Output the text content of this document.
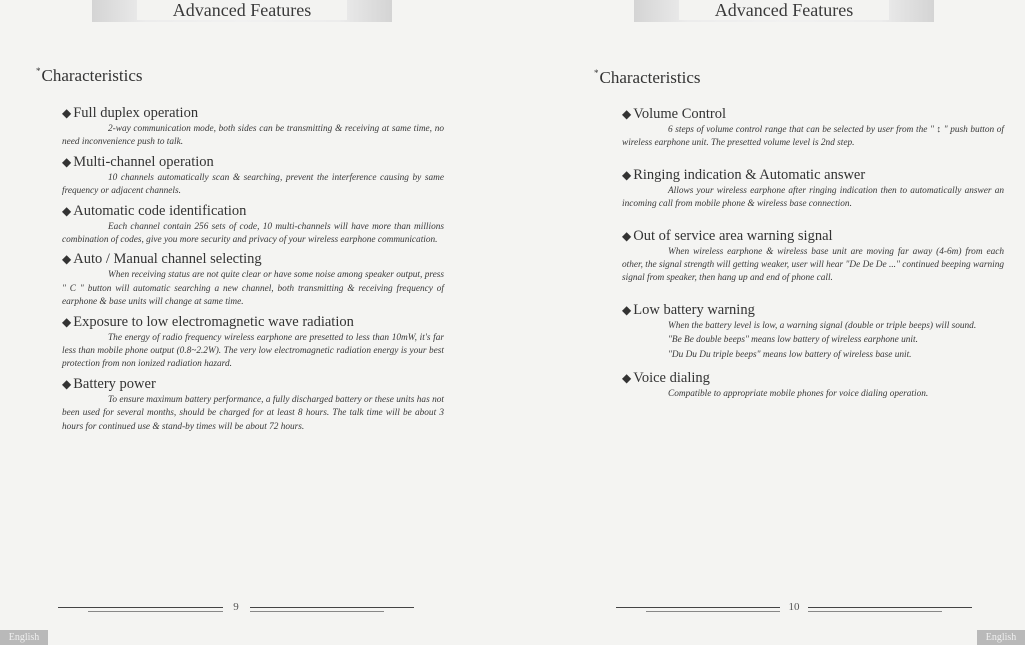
Advanced Features
*Characteristics
◆ Full duplex operation

2-way communication mode, both sides can be transmitting & receiving at same time, no need inconvenience push to talk.

◆ Multi-channel operation

10 channels automatically scan & searching, prevent the interference causing by same frequency or adjacent channels.

◆ Automatic code identification

Each channel contain 256 sets of code, 10 multi-channels will have more than millions combination of codes, give you more security and privacy of your wireless earphone communication.

◆ Auto / Manual channel selecting

When receiving status are not quite clear or have some noise among speaker output, press " C " button will automatic searching a new channel, both transmitting & receiving frequency of earphone & base units will change at same time.

◆ Exposure to low electromagnetic wave radiation

The energy of radio frequency wireless earphone are presetted to less than 10mW, it's far less than mobile phone output (0.8~2.2W). The very low electromagnetic radiation energy is your best protection from non ionized radiation hazard.

◆ Battery power

To ensure maximum battery performance, a fully discharged battery or these units has not been used for several months, should be charged for at least 8 hours. The talk time will be about 3 hours for continued use & stand-by times will be about 72 hours.

9
English
Advanced Features
*Characteristics
◆ Volume Control

6 steps of volume control range that can be selected by user from the " ↕ " push button of wireless earphone unit. The presetted volume level is 2nd step.

◆ Ringing indication & Automatic answer

Allows your wireless earphone after ringing indication then to automatically answer an incoming call from mobile phone & wireless base connection.

◆ Out of service area warning signal

When wireless earphone & wireless base unit are moving far away (4-6m) from each other, the signal strength will getting weaker, user will hear "De De De ..." continued beeping warning signal from speaker, then hang up and end of phone call.

◆ Low battery warning

When the battery level is low, a warning signal (double or triple beeps) will sound.

"Be Be double beeps" means low battery of wireless earphone unit.

"Du Du Du triple beeps" means low battery of wireless base unit.

◆ Voice dialing

Compatible to appropriate mobile phones for voice dialing operation.

10
English
